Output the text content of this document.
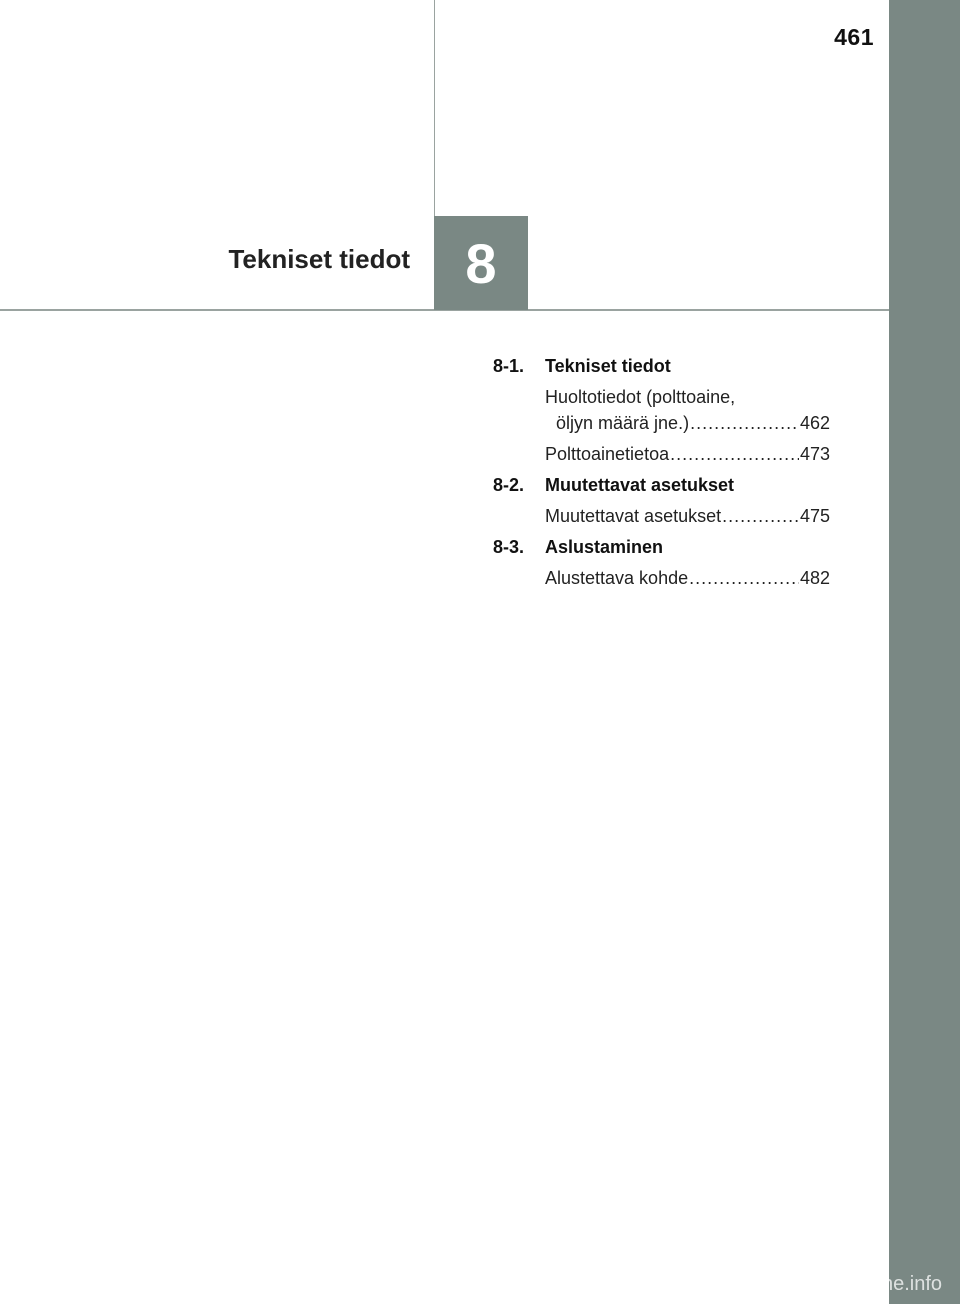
461
Tekniset tiedot 8
8-1.	Tekniset tiedot
Huoltotiedot (polttoaine,
öljyn määrä jne.) .....	462
Polttoainetietoa .....	473
8-2.	Muutettavat asetukset
Muutettavat asetukset .....	475
8-3.	Aslustaminen
Alustettava kohde .....	482
carmanualsonline.info
